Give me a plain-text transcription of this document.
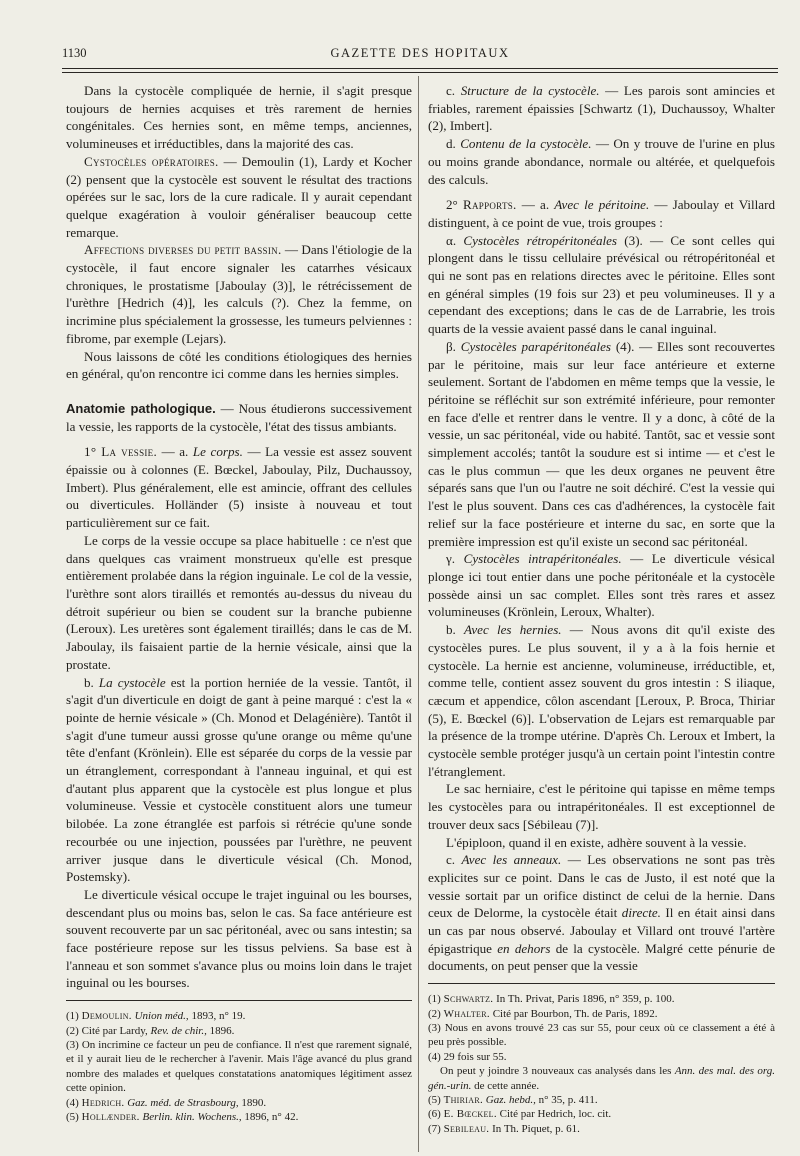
1130	GAZETTE DES HOPITAUX

Dans la cystocèle compliquée de hernie, il s'agit presque toujours de hernies acquises et très rarement de hernies congénitales. Ces hernies sont, en même temps, anciennes, volumineuses et irréductibles, dans la majorité des cas.

Cystocèles opératoires. — Demoulin (1), Lardy et Kocher (2) pensent que la cystocèle est souvent le résultat des tractions opérées sur le sac, lors de la cure radicale. Il y aurait cependant quelque exagération à vouloir généraliser beaucoup cette remarque.

Affections diverses du petit bassin. — Dans l'étiologie de la cystocèle, il faut encore signaler les catarrhes vésicaux chroniques, le prostatisme [Jaboulay (3)], le rétrécissement de l'urèthre [Hedrich (4)], les calculs (?). Chez la femme, on incrimine plus spécialement la grossesse, les tumeurs pelviennes : fibrome, par exemple (Lejars).

Nous laissons de côté les conditions étiologiques des hernies en général, qu'on rencontre ici comme dans les hernies simples.

Anatomie pathologique. — Nous étudierons successivement la vessie, les rapports de la cystocèle, l'état des tissus ambiants.

1° La vessie. — a. Le corps. — La vessie est assez souvent épaissie ou à colonnes (E. Bœckel, Jaboulay, Pilz, Duchaussoy, Imbert). Plus généralement, elle est amincie, offrant des cellules ou diverticules. Holländer (5) insiste à nouveau et tout particulièrement sur ce fait.

Le corps de la vessie occupe sa place habituelle : ce n'est que dans quelques cas vraiment monstrueux qu'elle est presque entièrement prolabée dans la région inguinale. Le col de la vessie, l'urèthre sont alors tiraillés et remontés au-dessus du niveau du détroit supérieur ou bien se coudent sur la branche pubienne (Leroux). Les uretères sont également tiraillés; dans le cas de M. Jaboulay, ils faisaient partie de la hernie vésicale, ainsi que la prostate.

b. La cystocèle est la portion herniée de la vessie. Tantôt, il s'agit d'un diverticule en doigt de gant à peine marqué : c'est la « pointe de hernie vésicale » (Ch. Monod et Delagénière). Tantôt il s'agit d'une tumeur aussi grosse qu'une orange ou même qu'une tête d'enfant (Krönlein). Elle est séparée du corps de la vessie par un étranglement, correspondant à l'anneau inguinal, et qui est d'autant plus apparent que la cystocèle est plus longue et plus volumineuse. Vessie et cystocèle constituent alors une tumeur bilobée. La zone étranglée est parfois si rétrécie qu'une sonde recourbée ou une injection, poussées par l'urèthre, ne peuvent arriver jusque dans le diverticule vésical (Ch. Monod, Postemsky).

Le diverticule vésical occupe le trajet inguinal ou les bourses, descendant plus ou moins bas, selon le cas. Sa face antérieure est souvent recouverte par un sac péritonéal, avec ou sans intestin; sa face postérieure repose sur les tissus pelviens. Sa base est à l'anneau et son sommet s'avance plus ou moins loin dans le trajet inguinal ou les bourses.

(1) Demoulin. Union méd., 1893, n° 19.

(2) Cité par Lardy, Rev. de chir., 1896.

(3) On incrimine ce facteur un peu de confiance. Il n'est que rarement signalé, et il y aurait lieu de le rechercher à l'avenir. Mais l'âge avancé du plus grand nombre des malades et quelques constatations anatomiques légitiment assez cette opinion.

(4) Hedrich. Gaz. méd. de Strasbourg, 1890.

(5) Hollænder. Berlin. klin. Wochens., 1896, n° 42.

c. Structure de la cystocèle. — Les parois sont amincies et friables, rarement épaissies [Schwartz (1), Duchaussoy, Whalter (2), Imbert].

d. Contenu de la cystocèle. — On y trouve de l'urine en plus ou moins grande abondance, normale ou altérée, et quelquefois des calculs.

2° Rapports. — a. Avec le péritoine. — Jaboulay et Villard distinguent, à ce point de vue, trois groupes :

α. Cystocèles rétropéritonéales (3). — Ce sont celles qui plongent dans le tissu cellulaire prévésical ou rétropéritonéal et qui ne sont pas en relations directes avec le péritoine. Elles sont en général simples (19 fois sur 23) et peu volumineuses. Il y a cependant des exceptions; dans le cas de de Larrabrie, les trois quarts de la vessie avaient passé dans le canal inguinal.

β. Cystocèles parapéritonéales (4). — Elles sont recouvertes par le péritoine, mais sur leur face antérieure et externe seulement. Sortant de l'abdomen en même temps que la vessie, le péritoine se réfléchit sur son extrémité inférieure, pour remonter en face d'elle et rentrer dans le ventre. Il y a donc, à côté de la vessie, un sac péritonéal, vide ou habité. Tantôt, sac et vessie sont simplement accolés; tantôt la soudure est si intime — et c'est le cas le plus commun — que les deux organes ne peuvent être séparés sans que l'un ou l'autre ne soit déchiré. C'est la vessie qui l'est le plus souvent. Dans ces cas d'adhérences, la cystocèle fait relief sur la face postérieure et interne du sac, en sorte que la première impression est qu'il existe un second sac péritonéal.

γ. Cystocèles intrapéritonéales. — Le diverticule vésical plonge ici tout entier dans une poche péritonéale et la cystocèle possède ainsi un sac complet. Elles sont très rares et assez volumineuses (Krönlein, Leroux, Whalter).

b. Avec les hernies. — Nous avons dit qu'il existe des cystocèles pures. Le plus souvent, il y a à la fois hernie et cystocèle. La hernie est ancienne, volumineuse, irréductible, et, comme telle, contient assez souvent du gros intestin : S iliaque, cæcum et appendice, côlon ascendant [Leroux, P. Broca, Thiriar (5), E. Bœckel (6)]. L'observation de Lejars est remarquable par la présence de la trompe utérine. D'après Ch. Leroux et Imbert, la cystocèle semble protéger jusqu'à un certain point l'intestin contre l'étranglement.

Le sac herniaire, c'est le péritoine qui tapisse en même temps les cystocèles para ou intrapéritonéales. Il est exceptionnel de trouver deux sacs [Sébileau (7)].

L'épiploon, quand il en existe, adhère souvent à la vessie.

c. Avec les anneaux. — Les observations ne sont pas très explicites sur ce point. Dans le cas de Justo, il est noté que la vessie sortait par un orifice distinct de celui de la hernie. Dans ceux de Delorme, la cystocèle était directe. Il en était ainsi dans un cas par nous observé. Jaboulay et Villard ont trouvé l'artère épigastrique en dehors de la cystocèle. Malgré cette pénurie de documents, on peut penser que la vessie

(1) Schwartz. In Th. Privat, Paris 1896, n° 359, p. 100.

(2) Whalter. Cité par Bourbon, Th. de Paris, 1892.

(3) Nous en avons trouvé 23 cas sur 55, pour ceux où ce classement a été à peu près possible.

(4) 29 fois sur 55.

On peut y joindre 3 nouveaux cas analysés dans les Ann. des mal. des org. gén.-urin. de cette année.

(5) Thiriar. Gaz. hebd., n° 35, p. 411.

(6) E. Bœckel. Cité par Hedrich, loc. cit.

(7) Sebileau. In Th. Piquet, p. 61.
